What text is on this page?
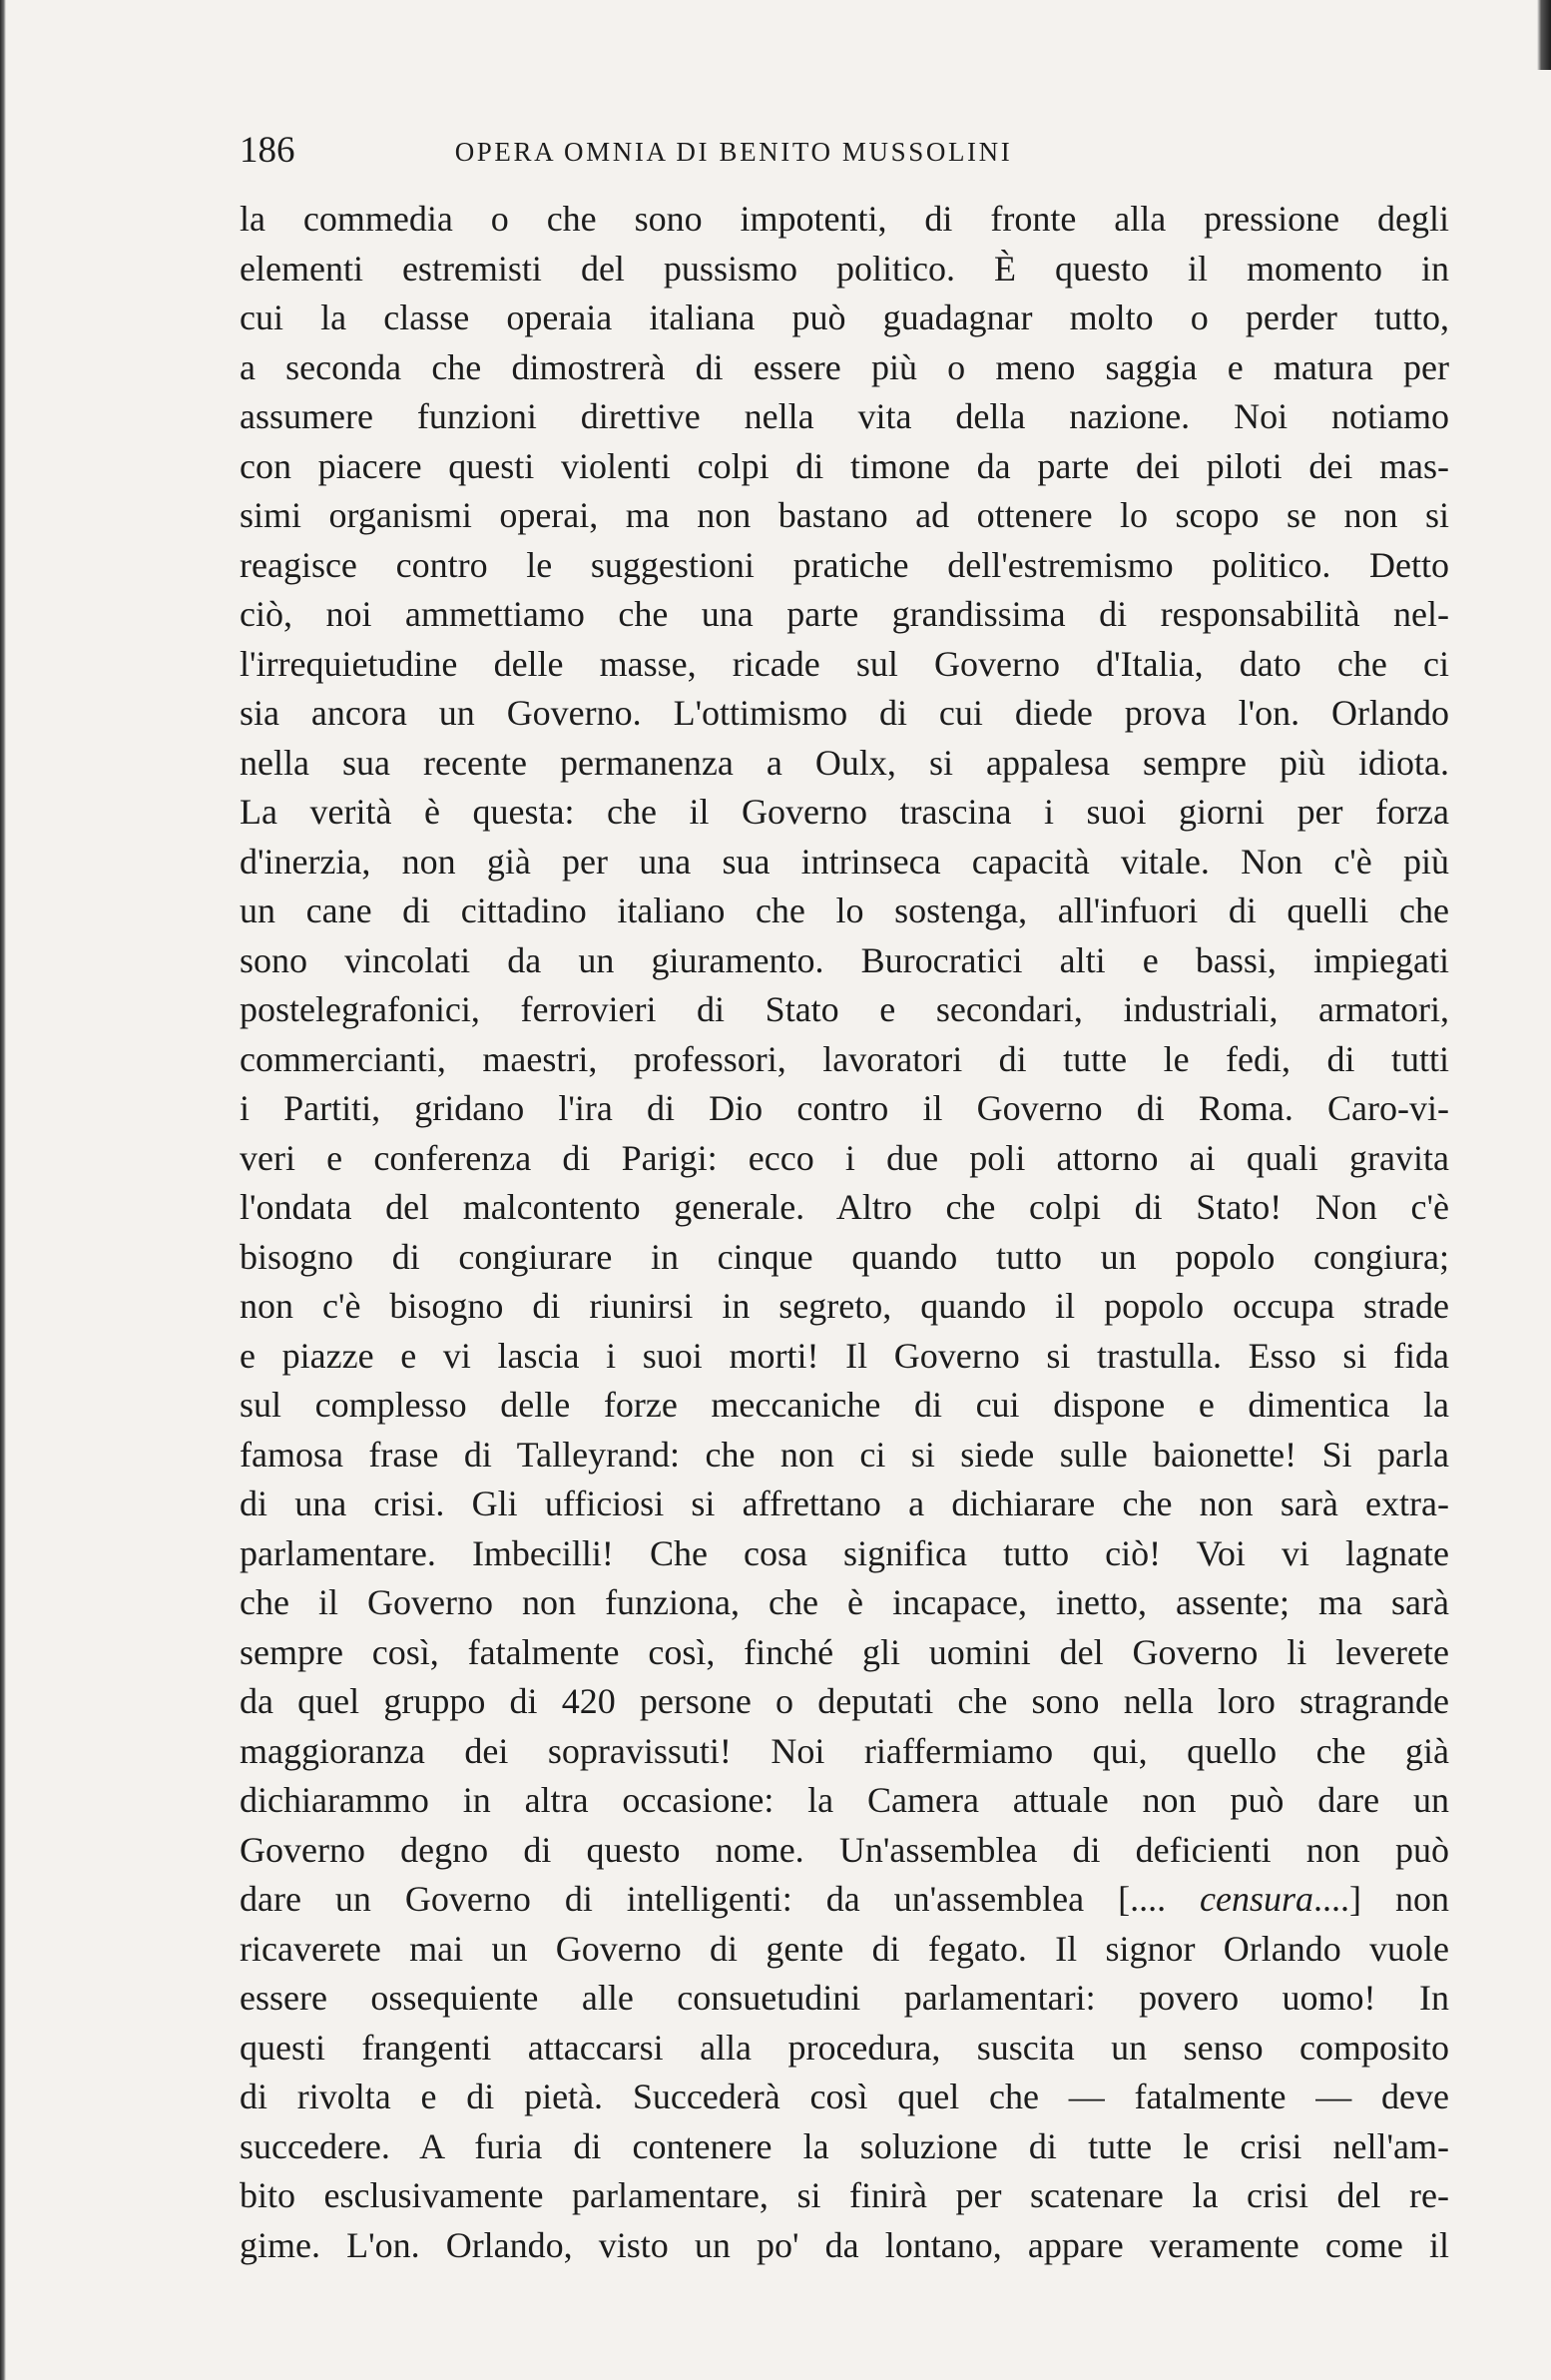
186	OPERA OMNIA DI BENITO MUSSOLINI
la commedia o che sono impotenti, di fronte alla pressione degli
elementi estremisti del pussismo politico. È questo il momento in
cui la classe operaia italiana può guadagnar molto o perder tutto,
a seconda che dimostrerà di essere più o meno saggia e matura per
assumere funzioni direttive nella vita della nazione. Noi notiamo
con piacere questi violenti colpi di timone da parte dei piloti dei mas-
simi organismi operai, ma non bastano ad ottenere lo scopo se non si
reagisce contro le suggestioni pratiche dell'estremismo politico. Detto
ciò, noi ammettiamo che una parte grandissima di responsabilità nel-
l'irrequietudine delle masse, ricade sul Governo d'Italia, dato che ci
sia ancora un Governo. L'ottimismo di cui diede prova l'on. Orlando
nella sua recente permanenza a Oulx, si appalesa sempre più idiota.
La verità è questa: che il Governo trascina i suoi giorni per forza
d'inerzia, non già per una sua intrinseca capacità vitale. Non c'è più
un cane di cittadino italiano che lo sostenga, all'infuori di quelli che
sono vincolati da un giuramento. Burocratici alti e bassi, impiegati
postelegrafonici, ferrovieri di Stato e secondari, industriali, armatori,
commercianti, maestri, professori, lavoratori di tutte le fedi, di tutti
i Partiti, gridano l'ira di Dio contro il Governo di Roma. Caro-vi-
veri e conferenza di Parigi: ecco i due poli attorno ai quali gravita
l'ondata del malcontento generale. Altro che colpi di Stato! Non c'è
bisogno di congiurare in cinque quando tutto un popolo congiura;
non c'è bisogno di riunirsi in segreto, quando il popolo occupa strade
e piazze e vi lascia i suoi morti! Il Governo si trastulla. Esso si fida
sul complesso delle forze meccaniche di cui dispone e dimentica la
famosa frase di Talleyrand: che non ci si siede sulle baionette! Si parla
di una crisi. Gli ufficiosi si affrettano a dichiarare che non sarà extra-
parlamentare. Imbecilli! Che cosa significa tutto ciò! Voi vi lagnate
che il Governo non funziona, che è incapace, inetto, assente; ma sarà
sempre così, fatalmente così, finché gli uomini del Governo li leverete
da quel gruppo di 420 persone o deputati che sono nella loro stragrande
maggioranza dei sopravissuti! Noi riaffermiamo qui, quello che già
dichiarammo in altra occasione: la Camera attuale non può dare un
Governo degno di questo nome. Un'assemblea di deficienti non può
dare un Governo di intelligenti: da un'assemblea [.... censura....] non
ricaverete mai un Governo di gente di fegato. Il signor Orlando vuole
essere ossequiente alle consuetudini parlamentari: povero uomo! In
questi frangenti attaccarsi alla procedura, suscita un senso composito
di rivolta e di pietà. Succederà così quel che — fatalmente — deve
succedere. A furia di contenere la soluzione di tutte le crisi nell'am-
bito esclusivamente parlamentare, si finirà per scatenare la crisi del re-
gime. L'on. Orlando, visto un po' da lontano, appare veramente come il
